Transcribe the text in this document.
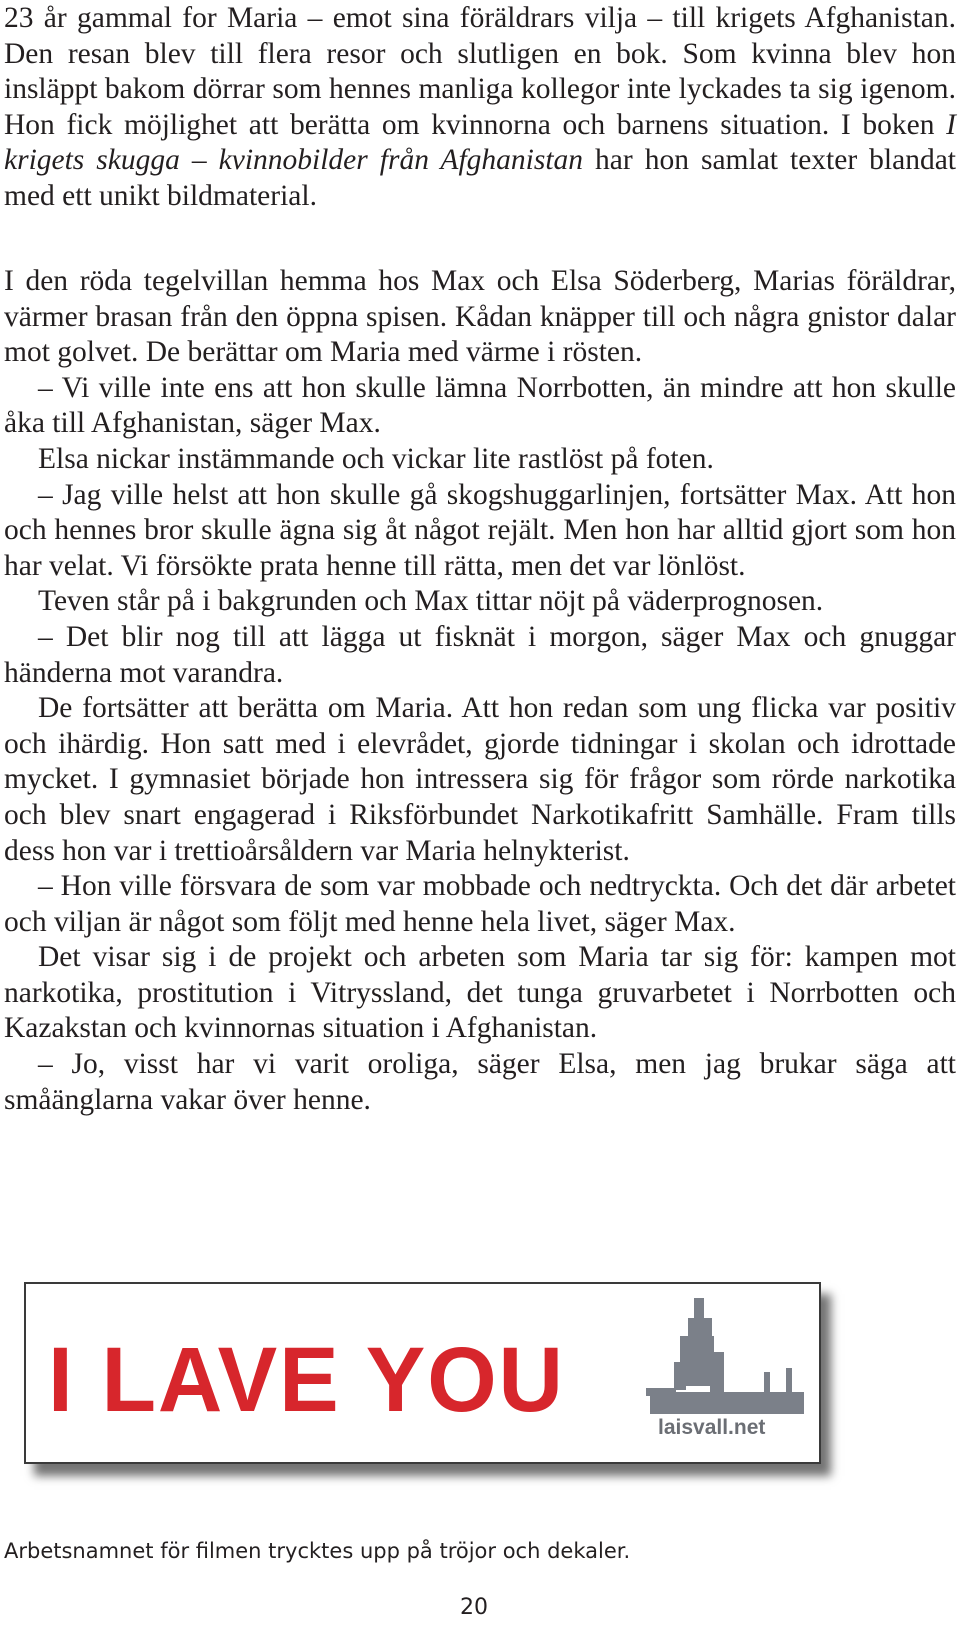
23 år gammal for Maria – emot sina föräldrars vilja – till krigets Afghanistan. Den resan blev till flera resor och slutligen en bok. Som kvinna blev hon insläppt bakom dörrar som hennes manliga kollegor inte lyckades ta sig igenom. Hon fick möjlighet att berätta om kvinnorna och barnens situation. I boken I krigets skugga – kvinnobilder från Afghanistan har hon samlat texter blandat med ett unikt bildmaterial.

I den röda tegelvillan hemma hos Max och Elsa Söderberg, Marias föräldrar, värmer brasan från den öppna spisen. Kådan knäpper till och några gnistor dalar mot golvet. De berättar om Maria med värme i rösten.

– Vi ville inte ens att hon skulle lämna Norrbotten, än mindre att hon skulle åka till Afghanistan, säger Max.

Elsa nickar instämmande och vickar lite rastlöst på foten.

– Jag ville helst att hon skulle gå skogshuggarlinjen, fortsätter Max. Att hon och hennes bror skulle ägna sig åt något rejält. Men hon har alltid gjort som hon har velat. Vi försökte prata henne till rätta, men det var lönlöst.

Teven står på i bakgrunden och Max tittar nöjt på väderprognosen.

– Det blir nog till att lägga ut fisknät i morgon, säger Max och gnuggar händerna mot varandra.

De fortsätter att berätta om Maria. Att hon redan som ung flicka var positiv och ihärdig. Hon satt med i elevrådet, gjorde tidningar i skolan och idrottade mycket. I gymnasiet började hon intressera sig för frågor som rörde narkotika och blev snart engagerad i Riksförbundet Narkotikafritt Samhälle. Fram tills dess hon var i trettioårsåldern var Maria helnykterist.

– Hon ville försvara de som var mobbade och nedtryckta. Och det där arbetet och viljan är något som följt med henne hela livet, säger Max.

Det visar sig i de projekt och arbeten som Maria tar sig för: kampen mot narkotika, prostitution i Vitryssland, det tunga gruvarbetet i Norrbotten och Kazakstan och kvinnornas situation i Afghanistan.

– Jo, visst har vi varit oroliga, säger Elsa, men jag brukar säga att småänglarna vakar över henne.

I LAVE YOU	laisvall.net
Arbetsnamnet för filmen trycktes upp på tröjor och dekaler.
20
